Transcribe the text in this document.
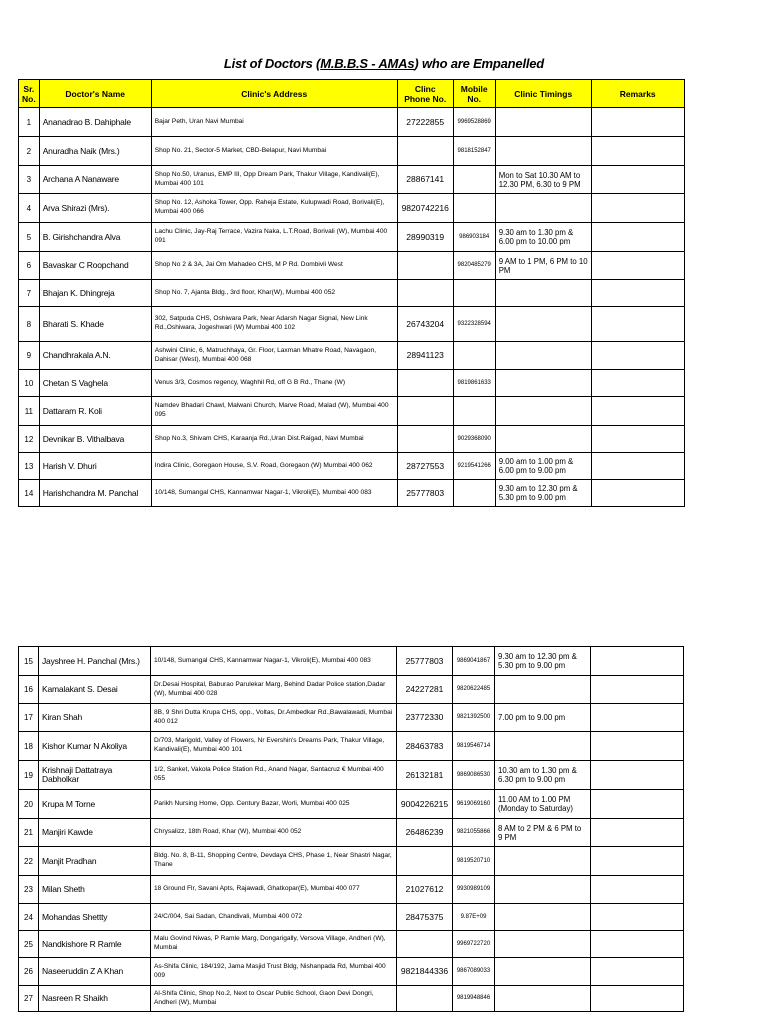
List of Doctors (M.B.B.S - AMAs) who are Empanelled
Sr. No.	Doctor's Name	Clinic's Address	Clinc Phone No.	Mobile No.	Clinic Timings	Remarks
1	Ananadrao B. Dahiphale	Bajar Peth, Uran Navi Mumbai	27222855	9969528869		
2	Anuradha Naik (Mrs.)	Shop No. 21, Sector-5 Market, CBD-Belapur, Navi Mumbai		9818152847		
3	Archana A Nanaware	Shop No.50, Uranus, EMP III, Opp Dream Park, Thakur Village, Kandivali(E), Mumbai 400 101	28867141		Mon to Sat 10.30 AM to 12.30 PM, 6.30 to 9 PM	
4	Arva Shirazi (Mrs).	Shop No. 12, Ashoka Tower, Opp. Raheja Estate, Kulupwadi Road, Borivali(E), Mumbai 400 066	9820742216			
5	B. Girishchandra Alva	Lachu Clinic, Jay-Raj Terrace, Vazira Naka, L.T.Road, Borivali (W), Mumbai 400 091	28990319	986903184	9.30 am to 1.30 pm & 6.00 pm to 10.00 pm	
6	Bavaskar C Roopchand	Shop No 2 & 3A, Jai Om Mahadeo CHS, M P Rd. Dombivli West		9820485279	9 AM to 1 PM, 6 PM to 10 PM	
7	Bhajan K. Dhingreja	Shop No. 7, Ajanta Bldg., 3rd floor, Khar(W), Mumbai 400 052				
8	Bharati S. Khade	302, Satpuda CHS, Oshiwara Park, Near Adarsh Nagar Signal, New Link Rd.,Oshiwara, Jogeshwari (W) Mumbai 400 102	26743204	9322328594		
9	Chandhrakala A.N.	Ashwini Clinic, 6, Matruchhaya, Gr. Floor, Laxman Mhatre Road, Navagaon, Dahisar (West), Mumbai 400 068	28941123			
10	Chetan S Vaghela	Venus 3/3, Cosmos regency, Waghhil Rd, off G B Rd., Thane (W)		9819861633		
11	Dattaram R. Koli	Namdev Bhadari Chawl, Malwani Church, Marve Road, Malad (W), Mumbai 400 095				
12	Devnikar B. Vithalbava	Shop No.3, Shivam CHS, Karaanja Rd.,Uran Dist.Raigad, Navi Mumbai		9029368090		
13	Harish V. Dhuri	Indira Clinic, Goregaon House, S.V. Road, Goregaon (W) Mumbai 400 062	28727553	9219541266	9.00 am to 1.00 pm & 6.00 pm to 9.00 pm	
14	Harishchandra M. Panchal	10/148, Sumangal CHS, Kannamwar Nagar-1, Vikroli(E), Mumbai 400 083	25777803		9.30 am to 12.30 pm & 5.30 pm to 9.00 pm	
15	Jayshree H. Panchal (Mrs.)	10/148, Sumangal CHS, Kannamwar Nagar-1, Vikroli(E), Mumbai 400 083	25777803	9869041867	9.30 am to 12.30 pm & 5.30 pm to 9.00 pm	
16	Kamalakant S. Desai	Dr.Desai Hospital, Baburao Parulekar Marg, Behind Dadar Police station,Dadar (W), Mumbai 400 028	24227281	9820622485		
17	Kiran Shah	8B, 9 Shri Dutta Krupa CHS, opp., Voltas, Dr.Ambedkar Rd.,Bawalawadi, Mumbai 400 012	23772330	9821392500	7.00 pm to 9.00 pm	
18	Kishor Kumar N Akoliya	D/703, Marigold, Valley of Flowers, Nr Evershin's Dreams Park, Thakur Village, Kandivali(E), Mumbai 400 101	28463783	9819546714		
19	Krishnaji Dattatraya Dabholkar	1/2, Sanket, Vakola Police Station Rd., Anand Nagar, Santacruz € Mumbai 400 055	26132181	9869086530	10.30 am to 1.30 pm & 6.30 pm to 9.00 pm	
20	Krupa M Torne	Parikh Nursing Home, Opp. Century Bazar, Worli, Mumbai 400 025	9004226215	9619069160	11.00 AM to 1.00 PM (Monday to Saturday)	
21	Manjiri Kawde	Chrysalizz, 18th Road, Khar (W), Mumbai 400 052	26486239	9821055866	8 AM to 2 PM & 6 PM to 9 PM	
22	Manjit Pradhan	Bldg. No. 8, B-11, Shopping Centre, Devdaya CHS, Phase 1, Near Shastri Nagar, Thane		9819520710		
23	Milan Sheth	18 Ground Flr, Savani Apts, Rajawadi, Ghatkopar(E), Mumbai 400 077	21027612	9930989109		
24	Mohandas Shettty	24/C/004, Sai Sadan, Chandivali, Mumbai 400 072	28475375	9.87E+09		
25	Nandkishore R Ramle	Malu Govind Niwas, P Ramle Marg, Dongarigally, Versova Village, Andheri (W), Mumbai		9969722720		
26	Naseeruddin Z A Khan	As-Shifa Clinic, 184/192, Jama Masjid Trust Bldg, Nishanpada Rd, Mumbai 400 009	9821844336	9867089033		
27	Nasreen R Shaikh	Al-Shifa Clinic, Shop No.2, Next to Oscar Public School, Gaon Devi Dongri, Andheri (W), Mumbai		9819948846		
